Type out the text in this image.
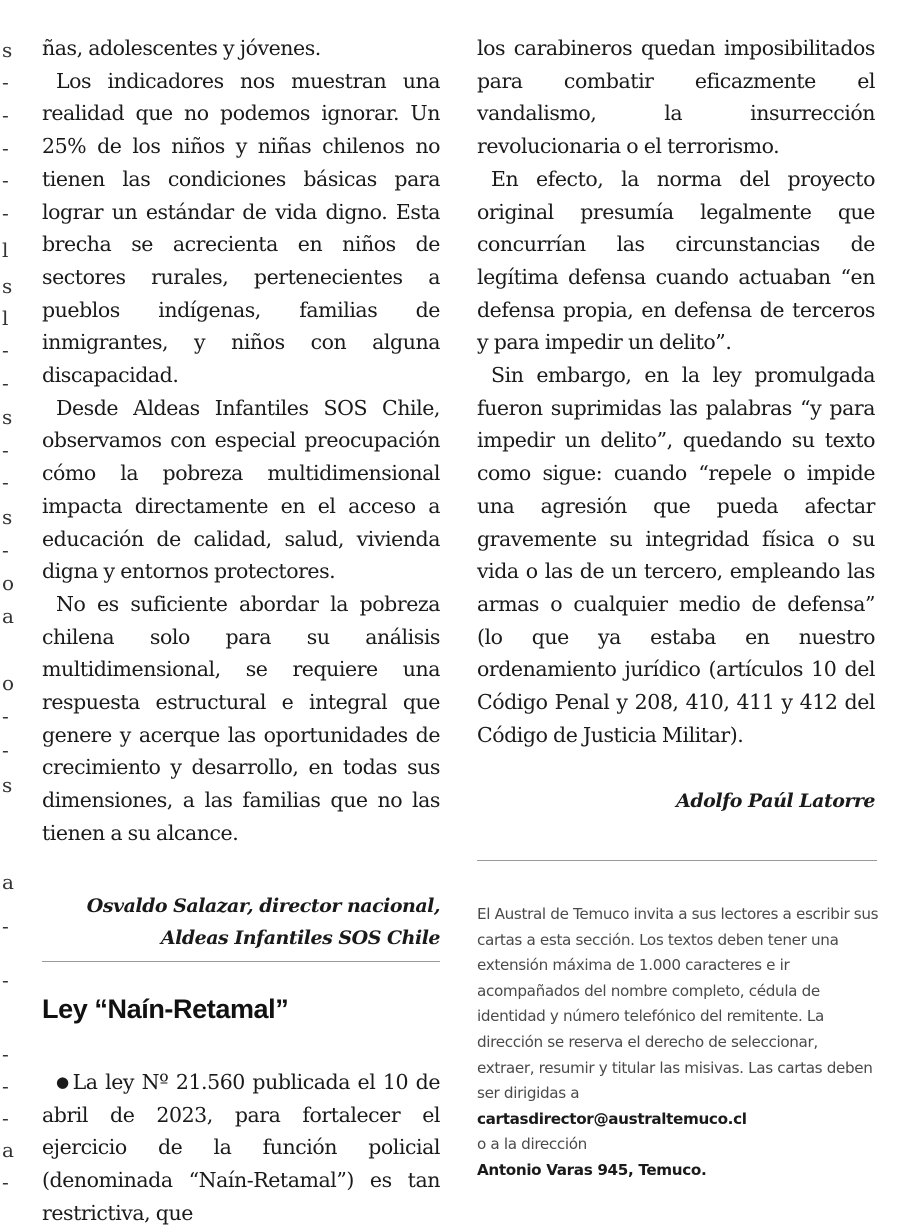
s
-
-
-
-
-
l
s
l
-
-
s
-
-
s
-
o
a
o
-
-
s
a
-
-
-
-
-
a
-

ñas, adolescentes y jóvenes.

Los indicadores nos muestran una realidad que no podemos ignorar. Un 25% de los niños y niñas chilenos no tienen las condiciones básicas para lograr un estándar de vida digno. Esta brecha se acrecienta en niños de sectores rurales, pertenecientes a pueblos indígenas, familias de inmigrantes, y niños con alguna discapacidad.

Desde Aldeas Infantiles SOS Chile, observamos con especial preocupación cómo la pobreza multidimensional impacta directamente en el acceso a educación de calidad, salud, vivienda digna y entornos protectores.

No es suficiente abordar la pobreza chilena solo para su análisis multidimensional, se requiere una respuesta estructural e integral que genere y acerque las oportunidades de crecimiento y desarrollo, en todas sus dimensiones, a las familias que no las tienen a su alcance.

Osvaldo Salazar, director nacional,
Aldeas Infantiles SOS Chile
Ley “Naín-Retamal”

●La ley Nº 21.560 publicada el 10 de abril de 2023, para fortalecer el ejercicio de la función policial (denominada “Naín-Retamal”) es tan restrictiva, que

los carabineros quedan imposibilitados para combatir eficazmente el vandalismo, la insurrección revolucionaria o el terrorismo.

En efecto, la norma del proyecto original presumía legalmente que concurrían las circunstancias de legítima defensa cuando actuaban “en defensa propia, en defensa de terceros y para impedir un delito”.

Sin embargo, en la ley promulgada fueron suprimidas las palabras “y para impedir un delito”, quedando su texto como sigue: cuando “repele o impide una agresión que pueda afectar gravemente su integridad física o su vida o las de un tercero, empleando las armas o cualquier medio de defensa” (lo que ya estaba en nuestro ordenamiento jurídico (artículos 10 del Código Penal y 208, 410, 411 y 412 del Código de Justicia Militar).

Adolfo Paúl Latorre
El Austral de Temuco invita a sus lectores a escribir sus cartas a esta sección. Los textos deben tener una extensión máxima de 1.000 caracteres e ir acompañados del nombre completo, cédula de identidad y número telefónico del remitente. La dirección se reserva el derecho de seleccionar, extraer, resumir y titular las misivas. Las cartas deben ser dirigidas a
cartasdirector@australtemuco.cl
o a la dirección
Antonio Varas 945, Temuco.
